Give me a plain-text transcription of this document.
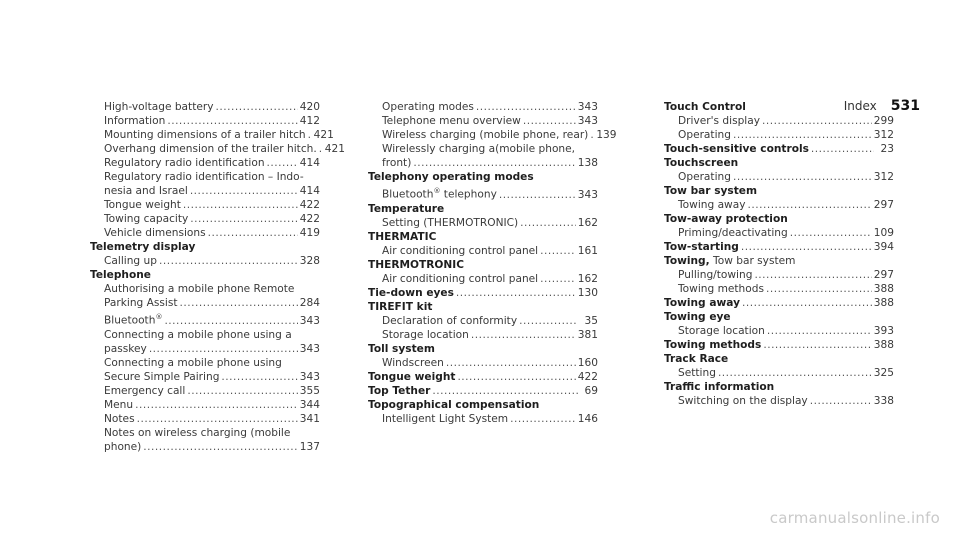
Index 531
High-voltage battery .....	420
Information .....	412
Mounting dimensions of a trailer hitch ..... 421
Overhang dimension of the trailer hitch. ..... 421
Regulatory radio identification .....	414
Regulatory radio identification – Indo-
nesia and Israel .....	414
Tongue weight .....	422
Towing capacity .....	422
Vehicle dimensions .....	419
Telemetry display
Calling up .....	328
Telephone
Authorising a mobile phone Remote
Parking Assist .....	284
Bluetooth® .....	343
Connecting a mobile phone using a
passkey .....	343
Connecting a mobile phone using
Secure Simple Pairing .....	343
Emergency call .....	355
Menu .....	344
Notes .....	341
Notes on wireless charging (mobile
phone) .....	137
Operating modes .....	343
Telephone menu overview .....	343
Wireless charging (mobile phone, rear) ..... 139
Wirelessly charging a(mobile phone,
front) .....	138
Telephony operating modes
Bluetooth® telephony .....	343
Temperature
Setting (THERMOTRONIC) .....	162
THERMATIC
Air conditioning control panel .....	161
THERMOTRONIC
Air conditioning control panel .....	162
Tie-down eyes .....	130
TIREFIT kit
Declaration of conformity .....	35
Storage location .....	381
Toll system
Windscreen .....	160
Tongue weight .....	422
Top Tether .....	69
Topographical compensation
Intelligent Light System .....	146
Touch Control
Driver's display .....	299
Operating .....	312
Touch-sensitive controls .....	23
Touchscreen
Operating .....	312
Tow bar system
Towing away .....	297
Tow-away protection
Priming/deactivating .....	109
Tow-starting .....	394
Towing, Tow bar system
Pulling/towing .....	297
Towing methods .....	388
Towing away .....	388
Towing eye
Storage location .....	393
Towing methods .....	388
Track Race
Setting .....	325
Traffic information
Switching on the display .....	338
carmanualsonline.info
